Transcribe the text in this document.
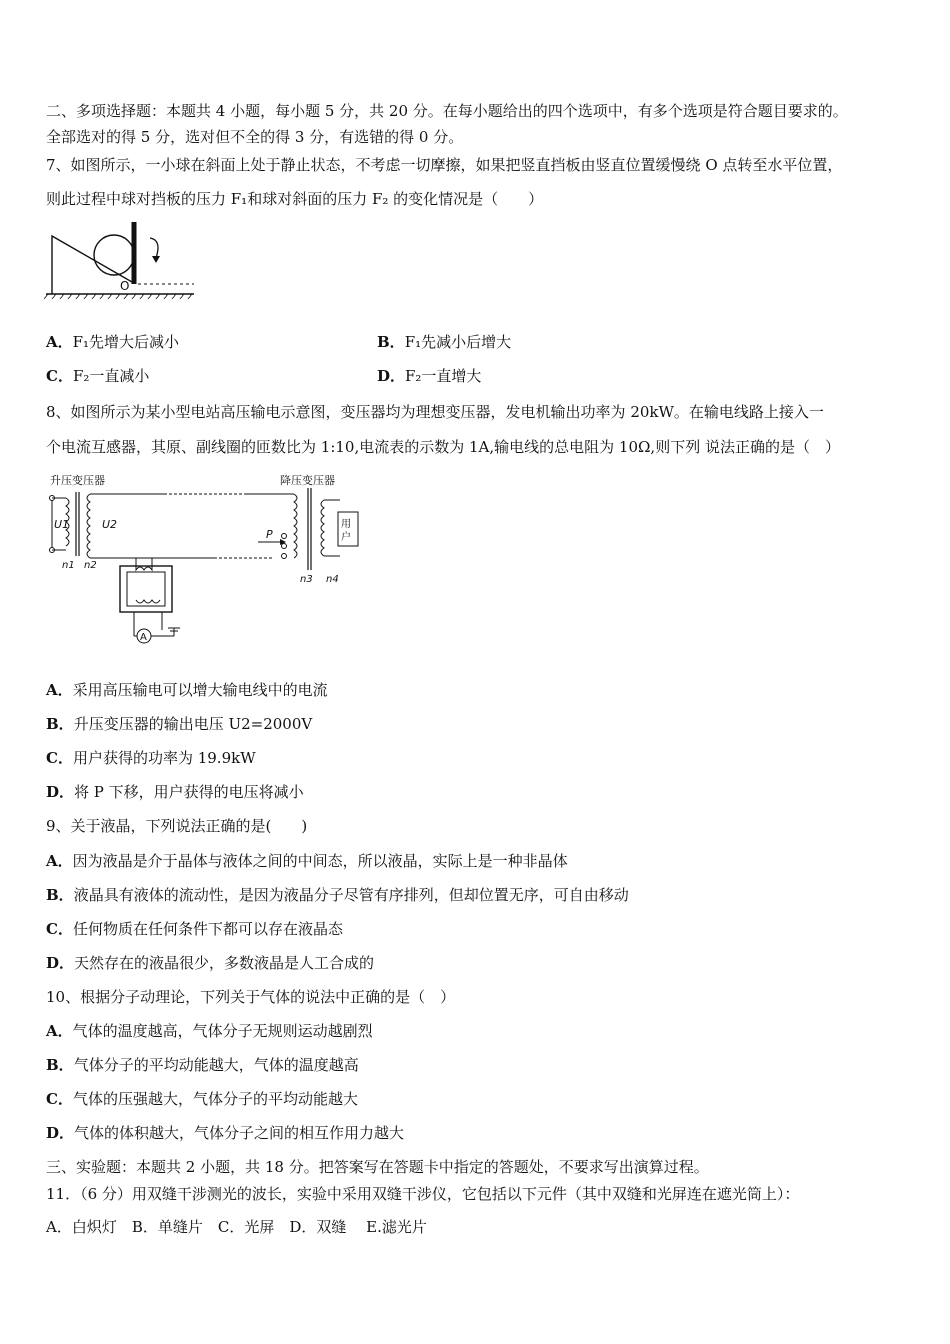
二、多项选择题：本题共 4 小题，每小题 5 分，共 20 分。在每小题给出的四个选项中，有多个选项是符合题目要求的。
全部选对的得 5 分，选对但不全的得 3 分，有选错的得 0 分。
7、如图所示，一小球在斜面上处于静止状态，不考虑一切摩擦，如果把竖直挡板由竖直位置缓慢绕 O 点转至水平位置，
则此过程中球对挡板的压力 F₁和球对斜面的压力 F₂ 的变化情况是（　　）
O
A．F₁先增大后减小	B．F₁先减小后增大
C．F₂一直减小	D．F₂一直增大
8、如图所示为某小型电站高压输电示意图，变压器均为理想变压器，发电机输出功率为 20kW。在输电线路上接入一
个电流互感器，其原、副线圈的匝数比为 1:10,电流表的示数为 1A,输电线的总电阻为 10Ω,则下列 说法正确的是（　）
升压变压器	降压变压器
U1	U2
n1 n2
P
n3 n4
用
户
A
A．采用高压输电可以增大输电线中的电流
B．升压变压器的输出电压 U2=2000V
C．用户获得的功率为 19.9kW
D．将 P 下移，用户获得的电压将减小
9、关于液晶，下列说法正确的是(　　)
A．因为液晶是介于晶体与液体之间的中间态，所以液晶，实际上是一种非晶体
B．液晶具有液体的流动性，是因为液晶分子尽管有序排列，但却位置无序，可自由移动
C．任何物质在任何条件下都可以存在液晶态
D．天然存在的液晶很少，多数液晶是人工合成的
10、根据分子动理论，下列关于气体的说法中正确的是（　）
A．气体的温度越高，气体分子无规则运动越剧烈
B．气体分子的平均动能越大，气体的温度越高
C．气体的压强越大，气体分子的平均动能越大
D．气体的体积越大，气体分子之间的相互作用力越大
三、实验题：本题共 2 小题，共 18 分。把答案写在答题卡中指定的答题处，不要求写出演算过程。
11．（6 分）用双缝干涉测光的波长，实验中采用双缝干涉仪，它包括以下元件（其中双缝和光屏连在遮光筒上）：
A．白炽灯　B．单缝片　C．光屏　D．双缝　 E.滤光片
